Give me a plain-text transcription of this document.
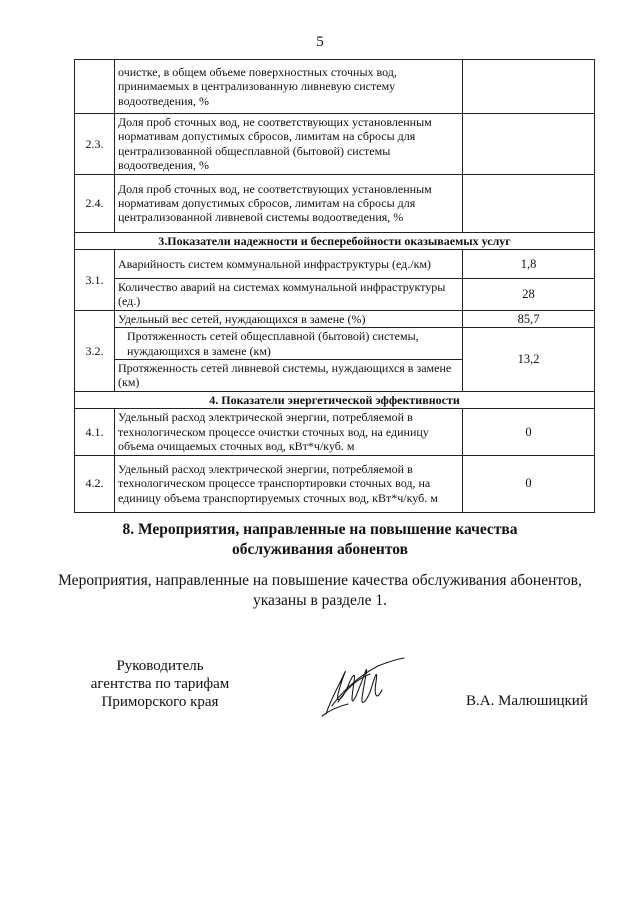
5
	очистке, в общем объеме поверхностных сточных вод, принимаемых в централизованную ливневую систему водоотведения, %	
2.3.	Доля проб сточных вод, не соответствующих установленным нормативам допустимых сбросов, лимитам на сбросы для централизованной общесплавной (бытовой) системы водоотведения, %	
2.4.	Доля проб сточных вод, не соответствующих установленным нормативам допустимых сбросов, лимитам на сбросы для централизованной ливневой системы водоотведения, %	
3.Показатели надежности и бесперебойности оказываемых услуг		
3.1.	Аварийность систем коммунальной инфраструктуры (ед./км)	1,8
	Количество аварий на системах коммунальной инфраструктуры (ед.)	28
3.2.	Удельный вес сетей, нуждающихся в замене (%)	85,7
	Протяженность сетей общесплавной (бытовой) системы, нуждающихся в замене (км)	13,2
	Протяженность сетей ливневой системы, нуждающихся в замене (км)	
4. Показатели энергетической эффективности		
4.1.	Удельный расход электрической энергии, потребляемой в технологическом процессе очистки сточных вод, на единицу объема очищаемых сточных вод, кВт*ч/куб. м	0
4.2.	Удельный расход электрической энергии, потребляемой в технологическом процессе транспортировки сточных вод, на единицу объема транспортируемых сточных вод, кВт*ч/куб. м	0
8. Мероприятия, направленные на повышение качества
обслуживания абонентов
Мероприятия, направленные на повышение качества обслуживания абонентов,
указаны в разделе 1.
Руководитель
агентства по тарифам
Приморского края	В.А. Малюшицкий
